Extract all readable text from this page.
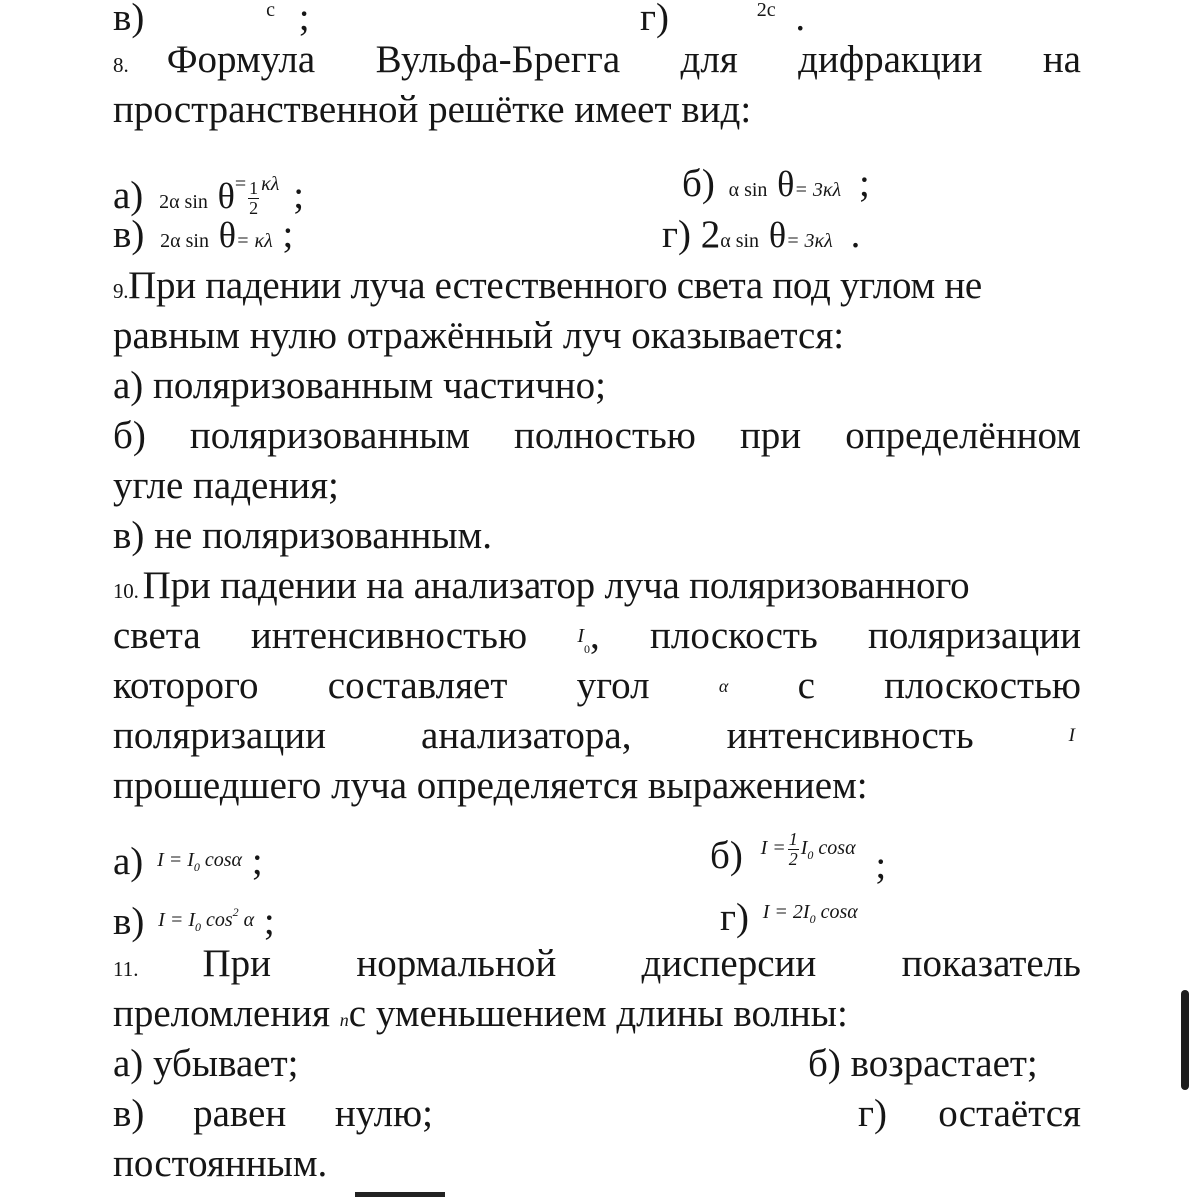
в)	$^c$ ;	г)	$^{2c}$ .
8. Формула Вульфа-Брегга для дифракции на
пространственной решётке имеет вид:
а) 2α $\sin \theta^= \frac{1}{2} ^{\kappa\lambda}$ ;	б) α sin θ= 3κλ ;
в) 2α sin θ= κλ ;	г) 2α sin θ= 3κλ .
9.При падении луча естественного света под углом не
равным нулю отражённый луч оказывается:
а) поляризованным частично;
б) поляризованным полностью при определённом
угле падения;
в) не поляризованным.
10. При падении на анализатор луча поляризованного
света интенсивностью	$I_0$, плоскость поляризации
которого составляет угол	α с плоскостью
поляризации анализатора, интенсивность	I
прошедшего луча определяется выражением:
а) $^{I = I_0 cos\alpha}$ ;	б) $^{I = \frac{1}{2} I_0 cos\alpha}$ ;
в) $^{I = I_0 cos^2 \alpha}$ ;	г) $^{I = 2I_0 cos\alpha}$
11. При нормальной дисперсии показатель
преломления nс уменьшением длины волны:
а) убывает;	б) возрастает;
в) равен нулю;	г) остаётся
постоянным.
